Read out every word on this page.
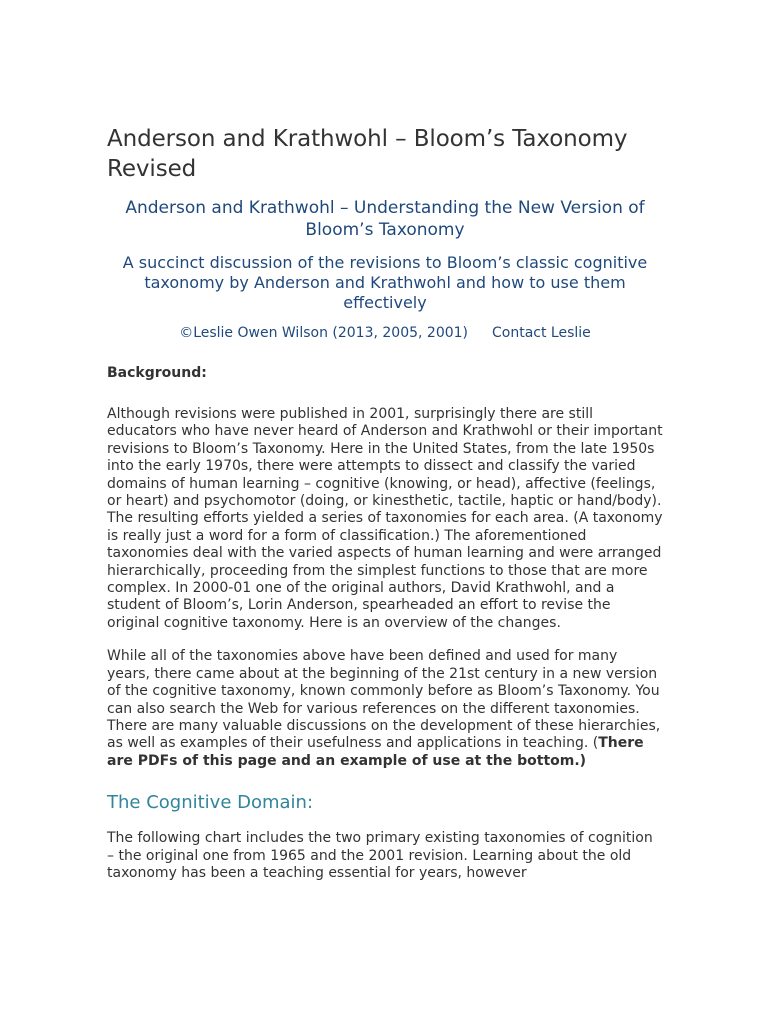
Anderson and Krathwohl – Bloom’s Taxonomy Revised
Anderson and Krathwohl – Understanding the New Version of Bloom’s Taxonomy
A succinct discussion of the revisions to Bloom’s classic cognitive taxonomy by Anderson and Krathwohl and how to use them effectively
©Leslie Owen Wilson (2013, 2005, 2001) Contact Leslie
Background:

Although revisions were published in 2001, surprisingly there are still educators who have never heard of Anderson and Krathwohl or their important revisions to Bloom’s Taxonomy. Here in the United States, from the late 1950s into the early 1970s, there were attempts to dissect and classify the varied domains of human learning – cognitive (knowing, or head), affective (feelings, or heart) and psychomotor (doing, or kinesthetic, tactile, haptic or hand/body). The resulting efforts yielded a series of taxonomies for each area. (A taxonomy is really just a word for a form of classification.) The aforementioned taxonomies deal with the varied aspects of human learning and were arranged hierarchically, proceeding from the simplest functions to those that are more complex. In 2000-01 one of the original authors, David Krathwohl, and a student of Bloom’s, Lorin Anderson, spearheaded an effort to revise the original cognitive taxonomy. Here is an overview of the changes.

While all of the taxonomies above have been defined and used for many years, there came about at the beginning of the 21st century in a new version of the cognitive taxonomy, known commonly before as Bloom’s Taxonomy. You can also search the Web for various references on the different taxonomies. There are many valuable discussions on the development of these hierarchies, as well as examples of their usefulness and applications in teaching. (There are PDFs of this page and an example of use at the bottom.)

The Cognitive Domain:

The following chart includes the two primary existing taxonomies of cognition – the original one from 1965 and the 2001 revision. Learning about the old taxonomy has been a teaching essential for years, however
